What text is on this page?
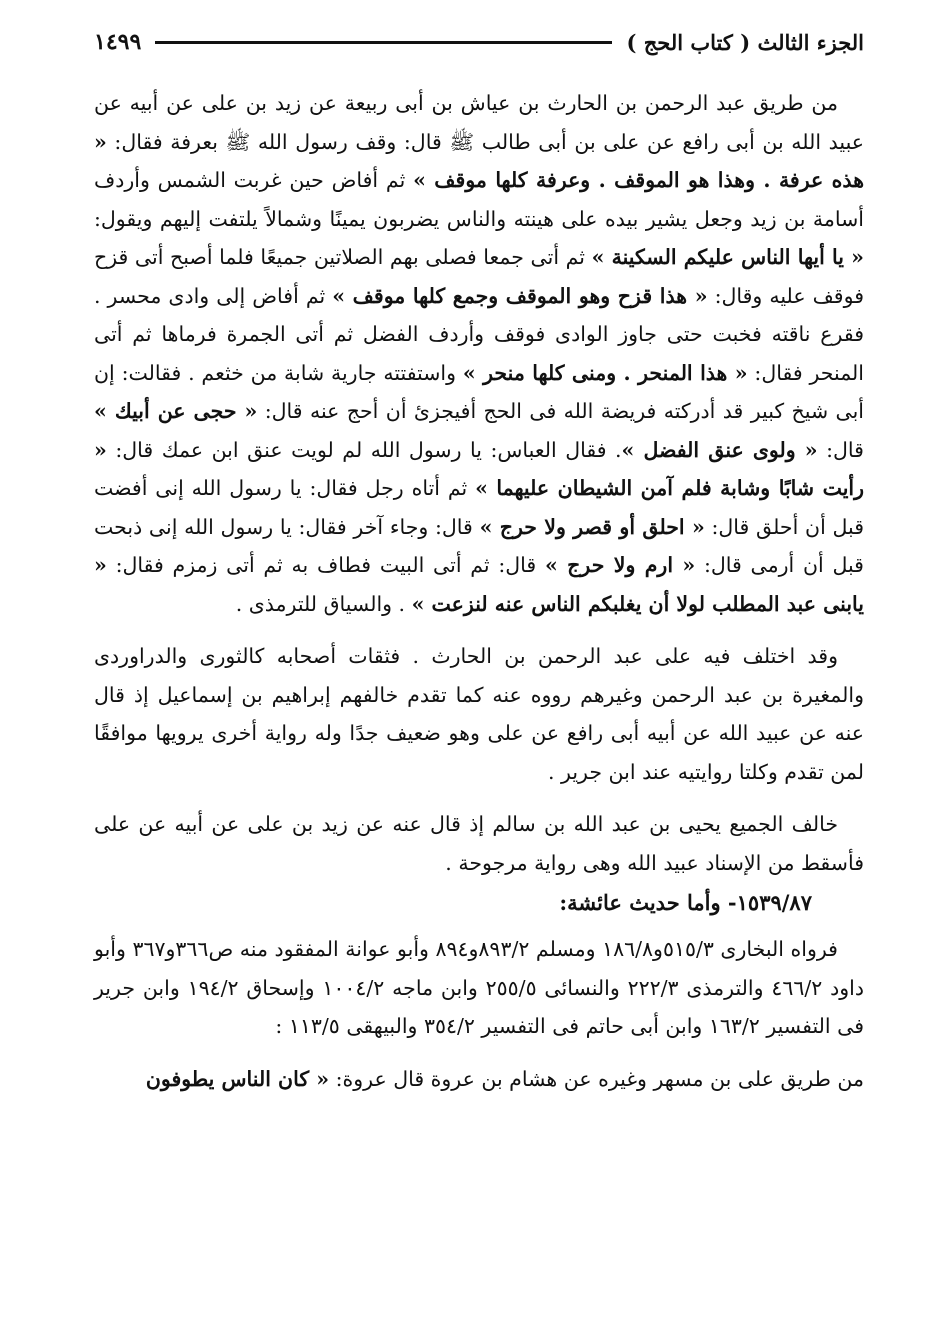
الجزء الثالث ( كتاب الحج )
١٤٩٩

من طريق عبد الرحمن بن الحارث بن عياش بن أبى ربيعة عن زيد بن على عن أبيه عن عبيد الله بن أبى رافع عن على بن أبى طالب ﷺ قال: وقف رسول الله ﷺ بعرفة فقال: « هذه عرفة . وهذا هو الموقف . وعرفة كلها موقف » ثم أفاض حين غربت الشمس وأردف أسامة بن زيد وجعل يشير بيده على هينته والناس يضربون يمينًا وشمالاً يلتفت إليهم ويقول: « يا أيها الناس عليكم السكينة » ثم أتى جمعا فصلى بهم الصلاتين جميعًا فلما أصبح أتى قزح فوقف عليه وقال: « هذا قزح وهو الموقف وجمع كلها موقف » ثم أفاض إلى وادى محسر . فقرع ناقته فخبت حتى جاوز الوادى فوقف وأردف الفضل ثم أتى الجمرة فرماها ثم أتى المنحر فقال: « هذا المنحر . ومنى كلها منحر » واستفتته جارية شابة من خثعم . فقالت: إن أبى شيخ كبير قد أدركته فريضة الله فى الحج أفيجزئ أن أحج عنه قال: « حجى عن أبيك » قال: « ولوى عنق الفضل ». فقال العباس: يا رسول الله لم لويت عنق ابن عمك قال: « رأيت شابًا وشابة فلم آمن الشيطان عليهما » ثم أتاه رجل فقال: يا رسول الله إنى أفضت قبل أن أحلق قال: « احلق أو قصر ولا حرج » قال: وجاء آخر فقال: يا رسول الله إنى ذبحت قبل أن أرمى قال: « ارم ولا حرج » قال: ثم أتى البيت فطاف به ثم أتى زمزم فقال: « يابنى عبد المطلب لولا أن يغلبكم الناس عنه لنزعت » . والسياق للترمذى .

وقد اختلف فيه على عبد الرحمن بن الحارث . فثقات أصحابه كالثورى والدراوردى والمغيرة بن عبد الرحمن وغيرهم رووه عنه كما تقدم خالفهم إبراهيم بن إسماعيل إذ قال عنه عن عبيد الله عن أبيه أبى رافع عن على وهو ضعيف جدًا وله رواية أخرى يرويها موافقًا لمن تقدم وكلتا روايتيه عند ابن جرير .

خالف الجميع يحيى بن عبد الله بن سالم إذ قال عنه عن زيد بن على عن أبيه عن على فأسقط من الإسناد عبيد الله وهى رواية مرجوحة .

١٥٣٩/٨٧- وأما حديث عائشة:

فرواه البخارى ٥١٥/٣و١٨٦/٨ ومسلم ٨٩٣/٢و٨٩٤ وأبو عوانة المفقود منه ص٣٦٦و٣٦٧ وأبو داود ٤٦٦/٢ والترمذى ٢٢٢/٣ والنسائى ٢٥٥/٥ وابن ماجه ١٠٠٤/٢ وإسحاق ١٩٤/٢ وابن جرير فى التفسير ١٦٣/٢ وابن أبى حاتم فى التفسير ٣٥٤/٢ والبيهقى ١١٣/٥ :

من طريق على بن مسهر وغيره عن هشام بن عروة قال عروة: « كان الناس يطوفون
